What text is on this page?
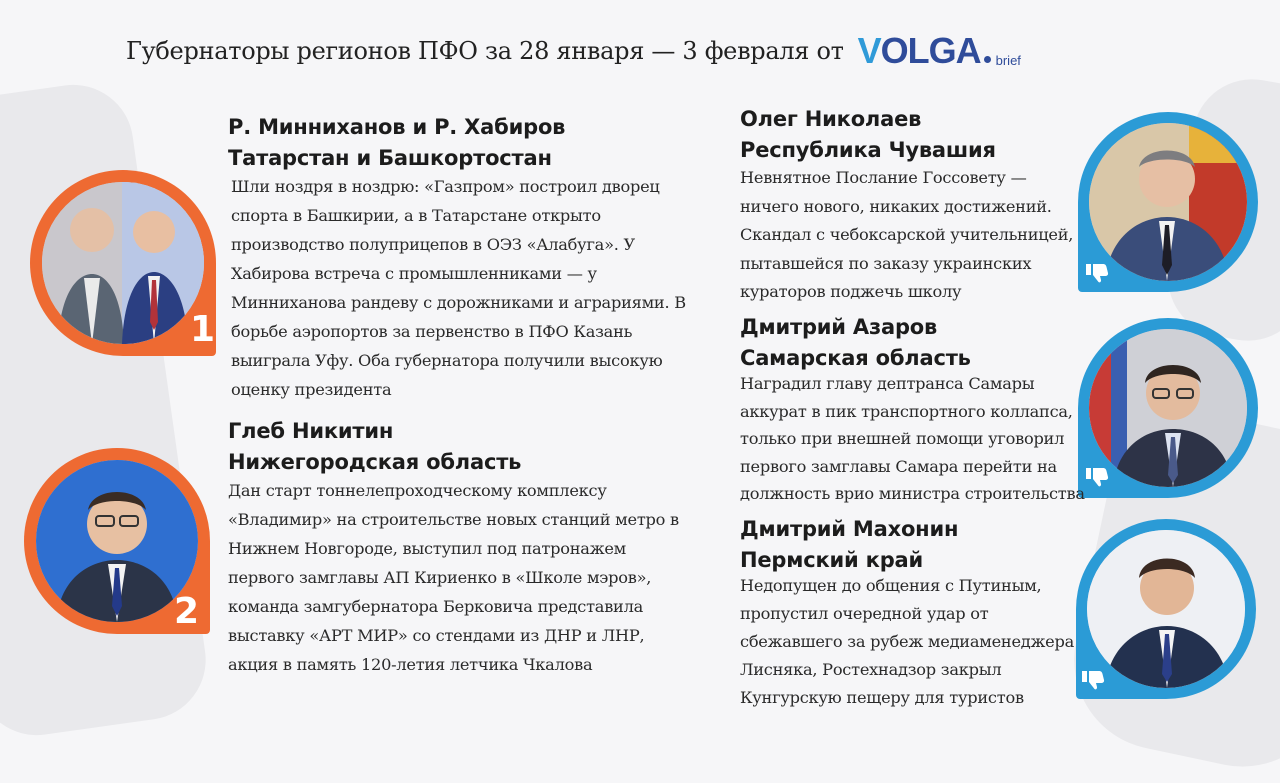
Губернаторы регионов ПФО за 28 января — 3 февраля от VOLGA brief
1
2
Р. Минниханов и Р. Хабиров
Татарстан и Башкортостан
Шли ноздря в ноздрю: «Газпром» построил дворец
спорта в Башкирии, а в Татарстане открыто
производство полуприцепов в ОЭЗ «Алабуга». У
Хабирова встреча с промышленниками — у
Минниханова рандеву с дорожниками и аграриями. В
борьбе аэропортов за первенство в ПФО Казань
выиграла Уфу. Оба губернатора получили высокую
оценку президента
Глеб Никитин
Нижегородская область
Дан старт тоннелепроходческому комплексу
«Владимир» на строительстве новых станций метро в
Нижнем Новгороде, выступил под патронажем
первого замглавы АП Кириенко в «Школе мэров»,
команда замгубернатора Берковича представила
выставку «АРТ МИР» со стендами из ДНР и ЛНР,
акция в память 120-летия летчика Чкалова
Олег Николаев
Республика Чувашия
Невнятное Послание Госсовету —
ничего нового, никаких достижений.
Скандал с чебоксарской учительницей,
пытавшейся по заказу украинских
кураторов поджечь школу
Дмитрий Азаров
Самарская область
Наградил главу дептранса Самары
аккурат в пик транспортного коллапса,
только при внешней помощи уговорил
первого замглавы Самара перейти на
должность врио министра строительства
Дмитрий Махонин
Пермский край
Недопущен до общения с Путиным,
пропустил очередной удар от
сбежавшего за рубеж медиаменеджера
Лисняка, Ростехнадзор закрыл
Кунгурскую пещеру для туристов
